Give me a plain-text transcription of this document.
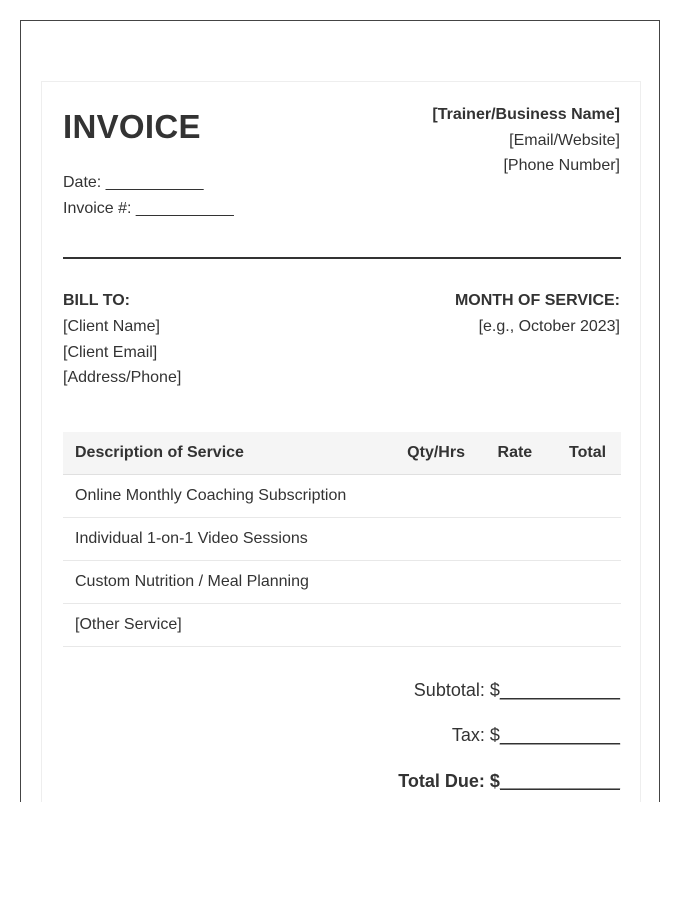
INVOICE
Date: ___________
Invoice #: ___________
[Trainer/Business Name]
[Email/Website]
[Phone Number]
BILL TO:
[Client Name]
[Client Email]
[Address/Phone]
MONTH OF SERVICE:
[e.g., October 2023]
Description of Service	Qty/Hrs	Rate	Total
Online Monthly Coaching Subscription			
Individual 1-on-1 Video Sessions			
Custom Nutrition / Meal Planning			
[Other Service]			
Subtotal: $____________
Tax: $____________
Total Due: $____________
